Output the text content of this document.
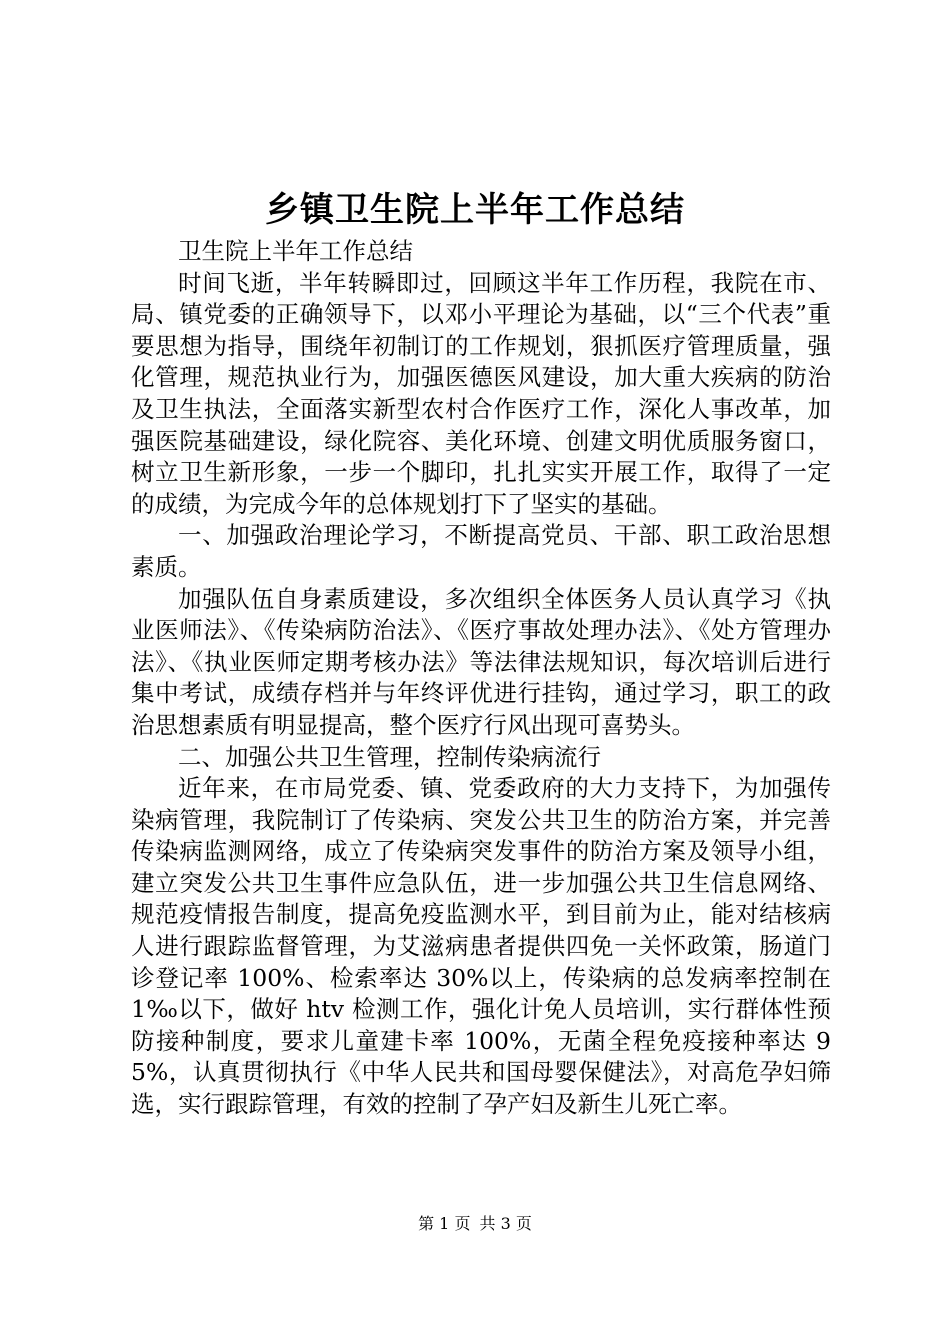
乡镇卫生院上半年工作总结

卫生院上半年工作总结

时间飞逝，半年转瞬即过，回顾这半年工作历程，我院在市、局、镇党委的正确领导下，以邓小平理论为基础，以“三个代表”重要思想为指导，围绕年初制订的工作规划，狠抓医疗管理质量，强化管理，规范执业行为，加强医德医风建设，加大重大疾病的防治及卫生执法，全面落实新型农村合作医疗工作，深化人事改革，加强医院基础建设，绿化院容、美化环境、创建文明优质服务窗口，树立卫生新形象，一步一个脚印，扎扎实实开展工作，取得了一定的成绩，为完成今年的总体规划打下了坚实的基础。

一、加强政治理论学习，不断提高党员、干部、职工政治思想素质。

加强队伍自身素质建设，多次组织全体医务人员认真学习《执业医师法》、《传染病防治法》、《医疗事故处理办法》、《处方管理办法》、《执业医师定期考核办法》等法律法规知识，每次培训后进行集中考试，成绩存档并与年终评优进行挂钩，通过学习，职工的政治思想素质有明显提高，整个医疗行风出现可喜势头。

二、加强公共卫生管理，控制传染病流行

近年来，在市局党委、镇、党委政府的大力支持下，为加强传染病管理，我院制订了传染病、突发公共卫生的防治方案，并完善传染病监测网络，成立了传染病突发事件的防治方案及领导小组，建立突发公共卫生事件应急队伍，进一步加强公共卫生信息网络、规范疫情报告制度，提高免疫监测水平，到目前为止，能对结核病人进行跟踪监督管理，为艾滋病患者提供四免一关怀政策，肠道门诊登记率 100%、检索率达 30%以上，传染病的总发病率控制在 1‰以下，做好 htv 检测工作，强化计免人员培训，实行群体性预防接种制度，要求儿童建卡率 100%，无菌全程免疫接种率达 95%，认真贯彻执行《中华人民共和国母婴保健法》，对高危孕妇筛选，实行跟踪管理，有效的控制了孕产妇及新生儿死亡率。

第 1 页 共 3 页
